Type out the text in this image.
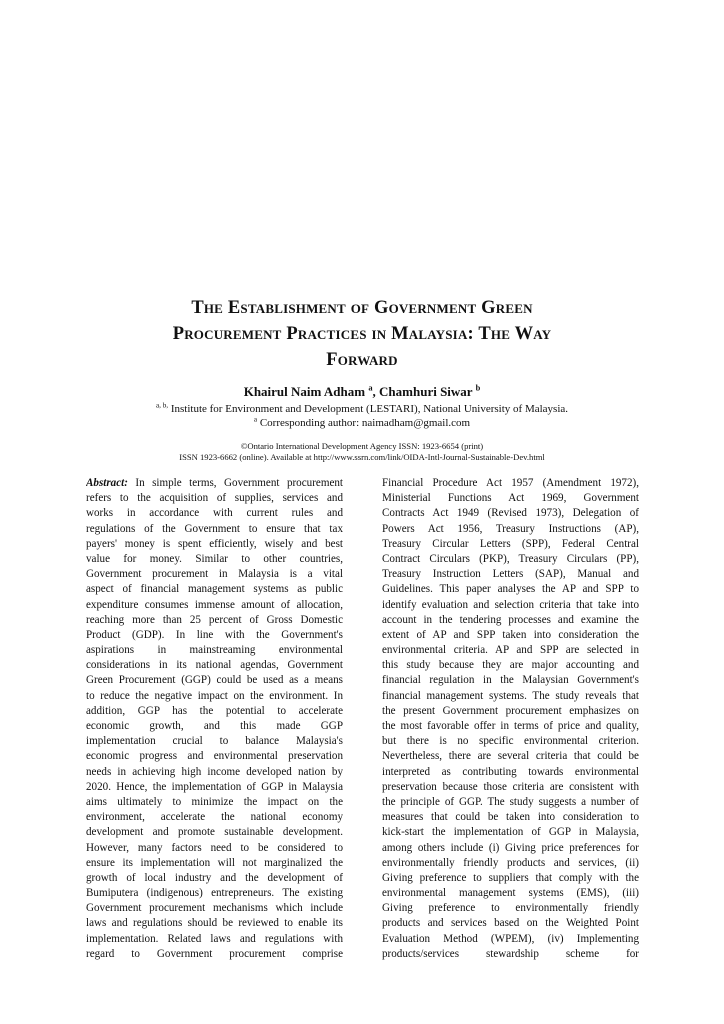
The Establishment of Government Green
Procurement Practices in Malaysia: The Way
Forward
Khairul Naim Adham $^a$, Chamhuri Siwar $^b$
$^{a, b,}$ Institute for Environment and Development (LESTARI), National University of Malaysia.
$^a$ Corresponding author: naimadham@gmail.com
©Ontario International Development Agency ISSN: 1923-6654 (print)
ISSN 1923-6662 (online). Available at http://www.ssrn.com/link/OIDA-Intl-Journal-Sustainable-Dev.html
Abstract: In simple terms, Government procurement
refers to the acquisition of supplies, services and
works in accordance with current rules and
regulations of the Government to ensure that tax
payers' money is spent efficiently, wisely and best
value for money. Similar to other countries,
Government procurement in Malaysia is a vital
aspect of financial management systems as public
expenditure consumes immense amount of allocation,
reaching more than 25 percent of Gross Domestic
Product (GDP). In line with the Government's
aspirations in mainstreaming environmental
considerations in its national agendas, Government
Green Procurement (GGP) could be used as a means
to reduce the negative impact on the environment. In
addition, GGP has the potential to accelerate
economic growth, and this made GGP
implementation crucial to balance Malaysia's
economic progress and environmental preservation
needs in achieving high income developed nation by
2020. Hence, the implementation of GGP in Malaysia
aims ultimately to minimize the impact on the
environment, accelerate the national economy
development and promote sustainable development.
However, many factors need to be considered to
ensure its implementation will not marginalized the
growth of local industry and the development of
Bumiputera (indigenous) entrepreneurs. The existing
Government procurement mechanisms which include
laws and regulations should be reviewed to enable its
implementation. Related laws and regulations with
regard to Government procurement comprise
Financial Procedure Act 1957 (Amendment 1972),
Ministerial Functions Act 1969, Government
Contracts Act 1949 (Revised 1973), Delegation of
Powers Act 1956, Treasury Instructions (AP),
Treasury Circular Letters (SPP), Federal Central
Contract Circulars (PKP), Treasury Circulars (PP),
Treasury Instruction Letters (SAP), Manual and
Guidelines. This paper analyses the AP and SPP to
identify evaluation and selection criteria that take into
account in the tendering processes and examine the
extent of AP and SPP taken into consideration the
environmental criteria. AP and SPP are selected in
this study because they are major accounting and
financial regulation in the Malaysian Government's
financial management systems. The study reveals that
the present Government procurement emphasizes on
the most favorable offer in terms of price and quality,
but there is no specific environmental criterion.
Nevertheless, there are several criteria that could be
interpreted as contributing towards environmental
preservation because those criteria are consistent with
the principle of GGP. The study suggests a number of
measures that could be taken into consideration to
kick-start the implementation of GGP in Malaysia,
among others include (i) Giving price preferences for
environmentally friendly products and services, (ii)
Giving preference to suppliers that comply with the
environmental management systems (EMS), (iii)
Giving preference to environmentally friendly
products and services based on the Weighted Point
Evaluation Method (WPEM), (iv) Implementing
products/services stewardship scheme for
